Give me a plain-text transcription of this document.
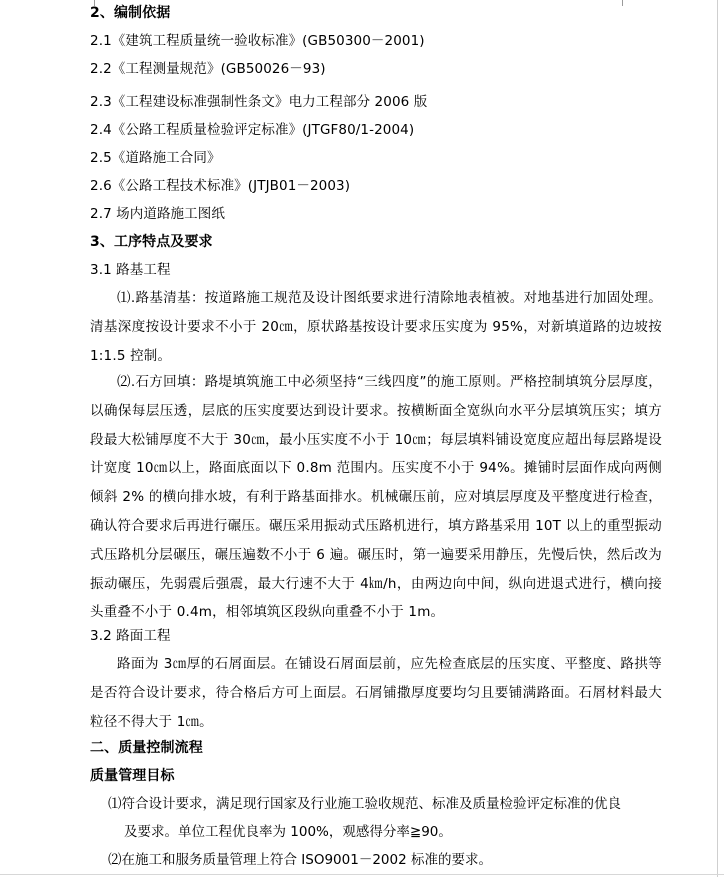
2、编制依据
2.1《建筑工程质量统一验收标准》(GB50300－2001)
2.2《工程测量规范》(GB50026－93)
2.3《工程建设标准强制性条文》电力工程部分 2006 版
2.4《公路工程质量检验评定标准》(JTGF80/1-2004)
2.5《道路施工合同》
2.6《公路工程技术标准》(JTJB01－2003)
2.7 场内道路施工图纸
3、工序特点及要求
3.1 路基工程
⑴.路基清基：按道路施工规范及设计图纸要求进行清除地表植被。对地基进行加固处理。清基深度按设计要求不小于 20㎝，原状路基按设计要求压实度为 95%，对新填道路的边坡按 1:1.5 控制。
⑵.石方回填：路堤填筑施工中必须坚持“三线四度”的施工原则。严格控制填筑分层厚度，以确保每层压透，层底的压实度要达到设计要求。按横断面全宽纵向水平分层填筑压实；填方段最大松铺厚度不大于 30㎝，最小压实度不小于 10㎝；每层填料铺设宽度应超出每层路堤设计宽度 10㎝以上，路面底面以下 0.8m 范围内。压实度不小于 94%。摊铺时层面作成向两侧倾斜 2% 的横向排水坡，有利于路基面排水。机械碾压前，应对填层厚度及平整度进行检查，确认符合要求后再进行碾压。碾压采用振动式压路机进行，填方路基采用 10T 以上的重型振动式压路机分层碾压，碾压遍数不小于 6 遍。碾压时，第一遍要采用静压，先慢后快，然后改为振动碾压，先弱震后强震，最大行速不大于 4㎞/h，由两边向中间，纵向进退式进行，横向接头重叠不小于 0.4m，相邻填筑区段纵向重叠不小于 1m。
3.2 路面工程
路面为 3㎝厚的石屑面层。在铺设石屑面层前，应先检查底层的压实度、平整度、路拱等是否符合设计要求，待合格后方可上面层。石屑铺撒厚度要均匀且要铺满路面。石屑材料最大粒径不得大于 1㎝。
二、质量控制流程
质量管理目标
⑴符合设计要求，满足现行国家及行业施工验收规范、标准及质量检验评定标准的优良
及要求。单位工程优良率为 100%，观感得分率≧90。
⑵在施工和服务质量管理上符合 ISO9001－2002 标准的要求。
